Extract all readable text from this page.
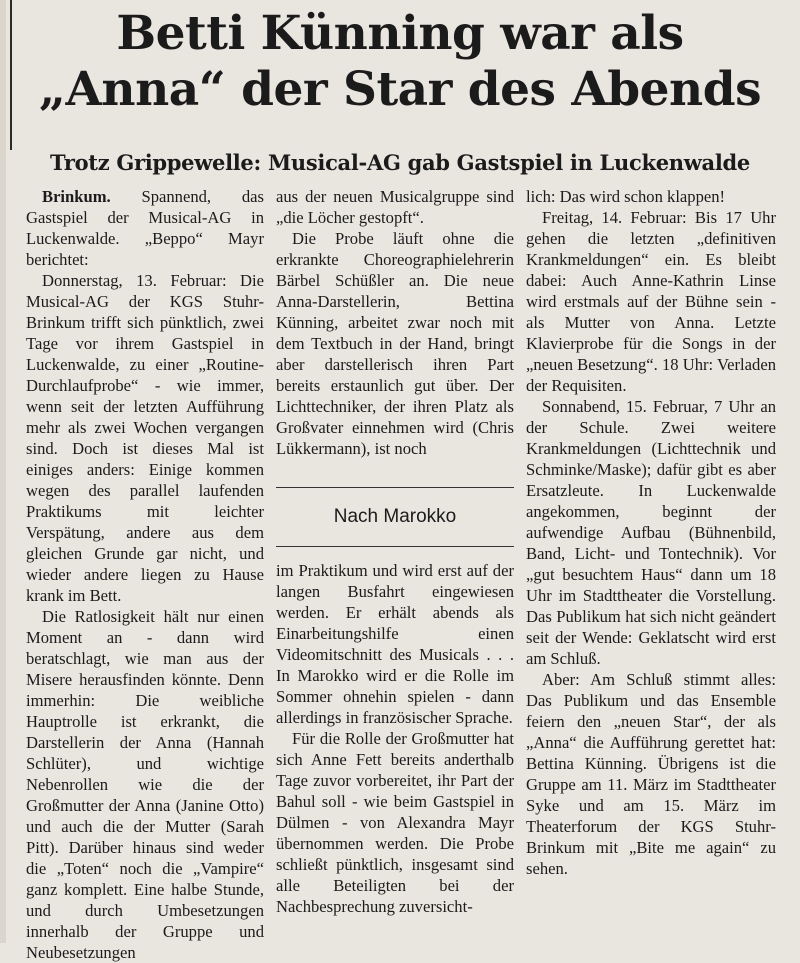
Betti Künning war als
„Anna“ der Star des Abends
Trotz Grippewelle: Musical-AG gab Gastspiel in Luckenwalde

Brinkum. Spannend, das Gastspiel der Musical-AG in Luckenwalde. „Beppo“ Mayr berichtet:

Donnerstag, 13. Februar: Die Musical-AG der KGS Stuhr-Brinkum trifft sich pünktlich, zwei Tage vor ihrem Gastspiel in Luckenwalde, zu einer „Routine-Durchlaufprobe“ - wie immer, wenn seit der letzten Aufführung mehr als zwei Wochen vergangen sind. Doch ist dieses Mal ist einiges anders: Einige kommen wegen des parallel laufenden Praktikums mit leichter Verspätung, andere aus dem gleichen Grunde gar nicht, und wieder andere liegen zu Hause krank im Bett.

Die Ratlosigkeit hält nur einen Moment an - dann wird beratschlagt, wie man aus der Misere herausfinden könnte. Denn immerhin: Die weibliche Hauptrolle ist erkrankt, die Darstellerin der Anna (Hannah Schlüter), und wichtige Nebenrollen wie die der Großmutter der Anna (Janine Otto) und auch die der Mutter (Sarah Pitt). Darüber hinaus sind weder die „Toten“ noch die „Vampire“ ganz komplett. Eine halbe Stunde, und durch Umbesetzungen innerhalb der Gruppe und Neubesetzungen

aus der neuen Musicalgruppe sind „die Löcher gestopft“.

Die Probe läuft ohne die erkrankte Choreographielehrerin Bärbel Schüßler an. Die neue Anna-Darstellerin, Bettina Künning, arbeitet zwar noch mit dem Textbuch in der Hand, bringt aber darstellerisch ihren Part bereits erstaunlich gut über. Der Lichttechniker, der ihren Platz als Großvater einnehmen wird (Chris Lükkermann), ist noch

Nach Marokko

im Praktikum und wird erst auf der langen Busfahrt eingewiesen werden. Er erhält abends als Einarbeitungshilfe einen Videomitschnitt des Musicals . . . In Marokko wird er die Rolle im Sommer ohnehin spielen - dann allerdings in französischer Sprache.

Für die Rolle der Großmutter hat sich Anne Fett bereits anderthalb Tage zuvor vorbereitet, ihr Part der Bahul soll - wie beim Gastspiel in Dülmen - von Alexandra Mayr übernommen werden. Die Probe schließt pünktlich, insgesamt sind alle Beteiligten bei der Nachbesprechung zuversicht-

lich: Das wird schon klappen!

Freitag, 14. Februar: Bis 17 Uhr gehen die letzten „definitiven Krankmeldungen“ ein. Es bleibt dabei: Auch Anne-Kathrin Linse wird erstmals auf der Bühne sein - als Mutter von Anna. Letzte Klavierprobe für die Songs in der „neuen Besetzung“. 18 Uhr: Verladen der Requisiten.

Sonnabend, 15. Februar, 7 Uhr an der Schule. Zwei weitere Krankmeldungen (Lichttechnik und Schminke/Maske); dafür gibt es aber Ersatzleute. In Luckenwalde angekommen, beginnt der aufwendige Aufbau (Bühnenbild, Band, Licht- und Tontechnik). Vor „gut besuchtem Haus“ dann um 18 Uhr im Stadttheater die Vorstellung. Das Publikum hat sich nicht geändert seit der Wende: Geklatscht wird erst am Schluß.

Aber: Am Schluß stimmt alles: Das Publikum und das Ensemble feiern den „neuen Star“, der als „Anna“ die Aufführung gerettet hat: Bettina Künning. Übrigens ist die Gruppe am 11. März im Stadttheater Syke und am 15. März im Theaterforum der KGS Stuhr-Brinkum mit „Bite me again“ zu sehen.
